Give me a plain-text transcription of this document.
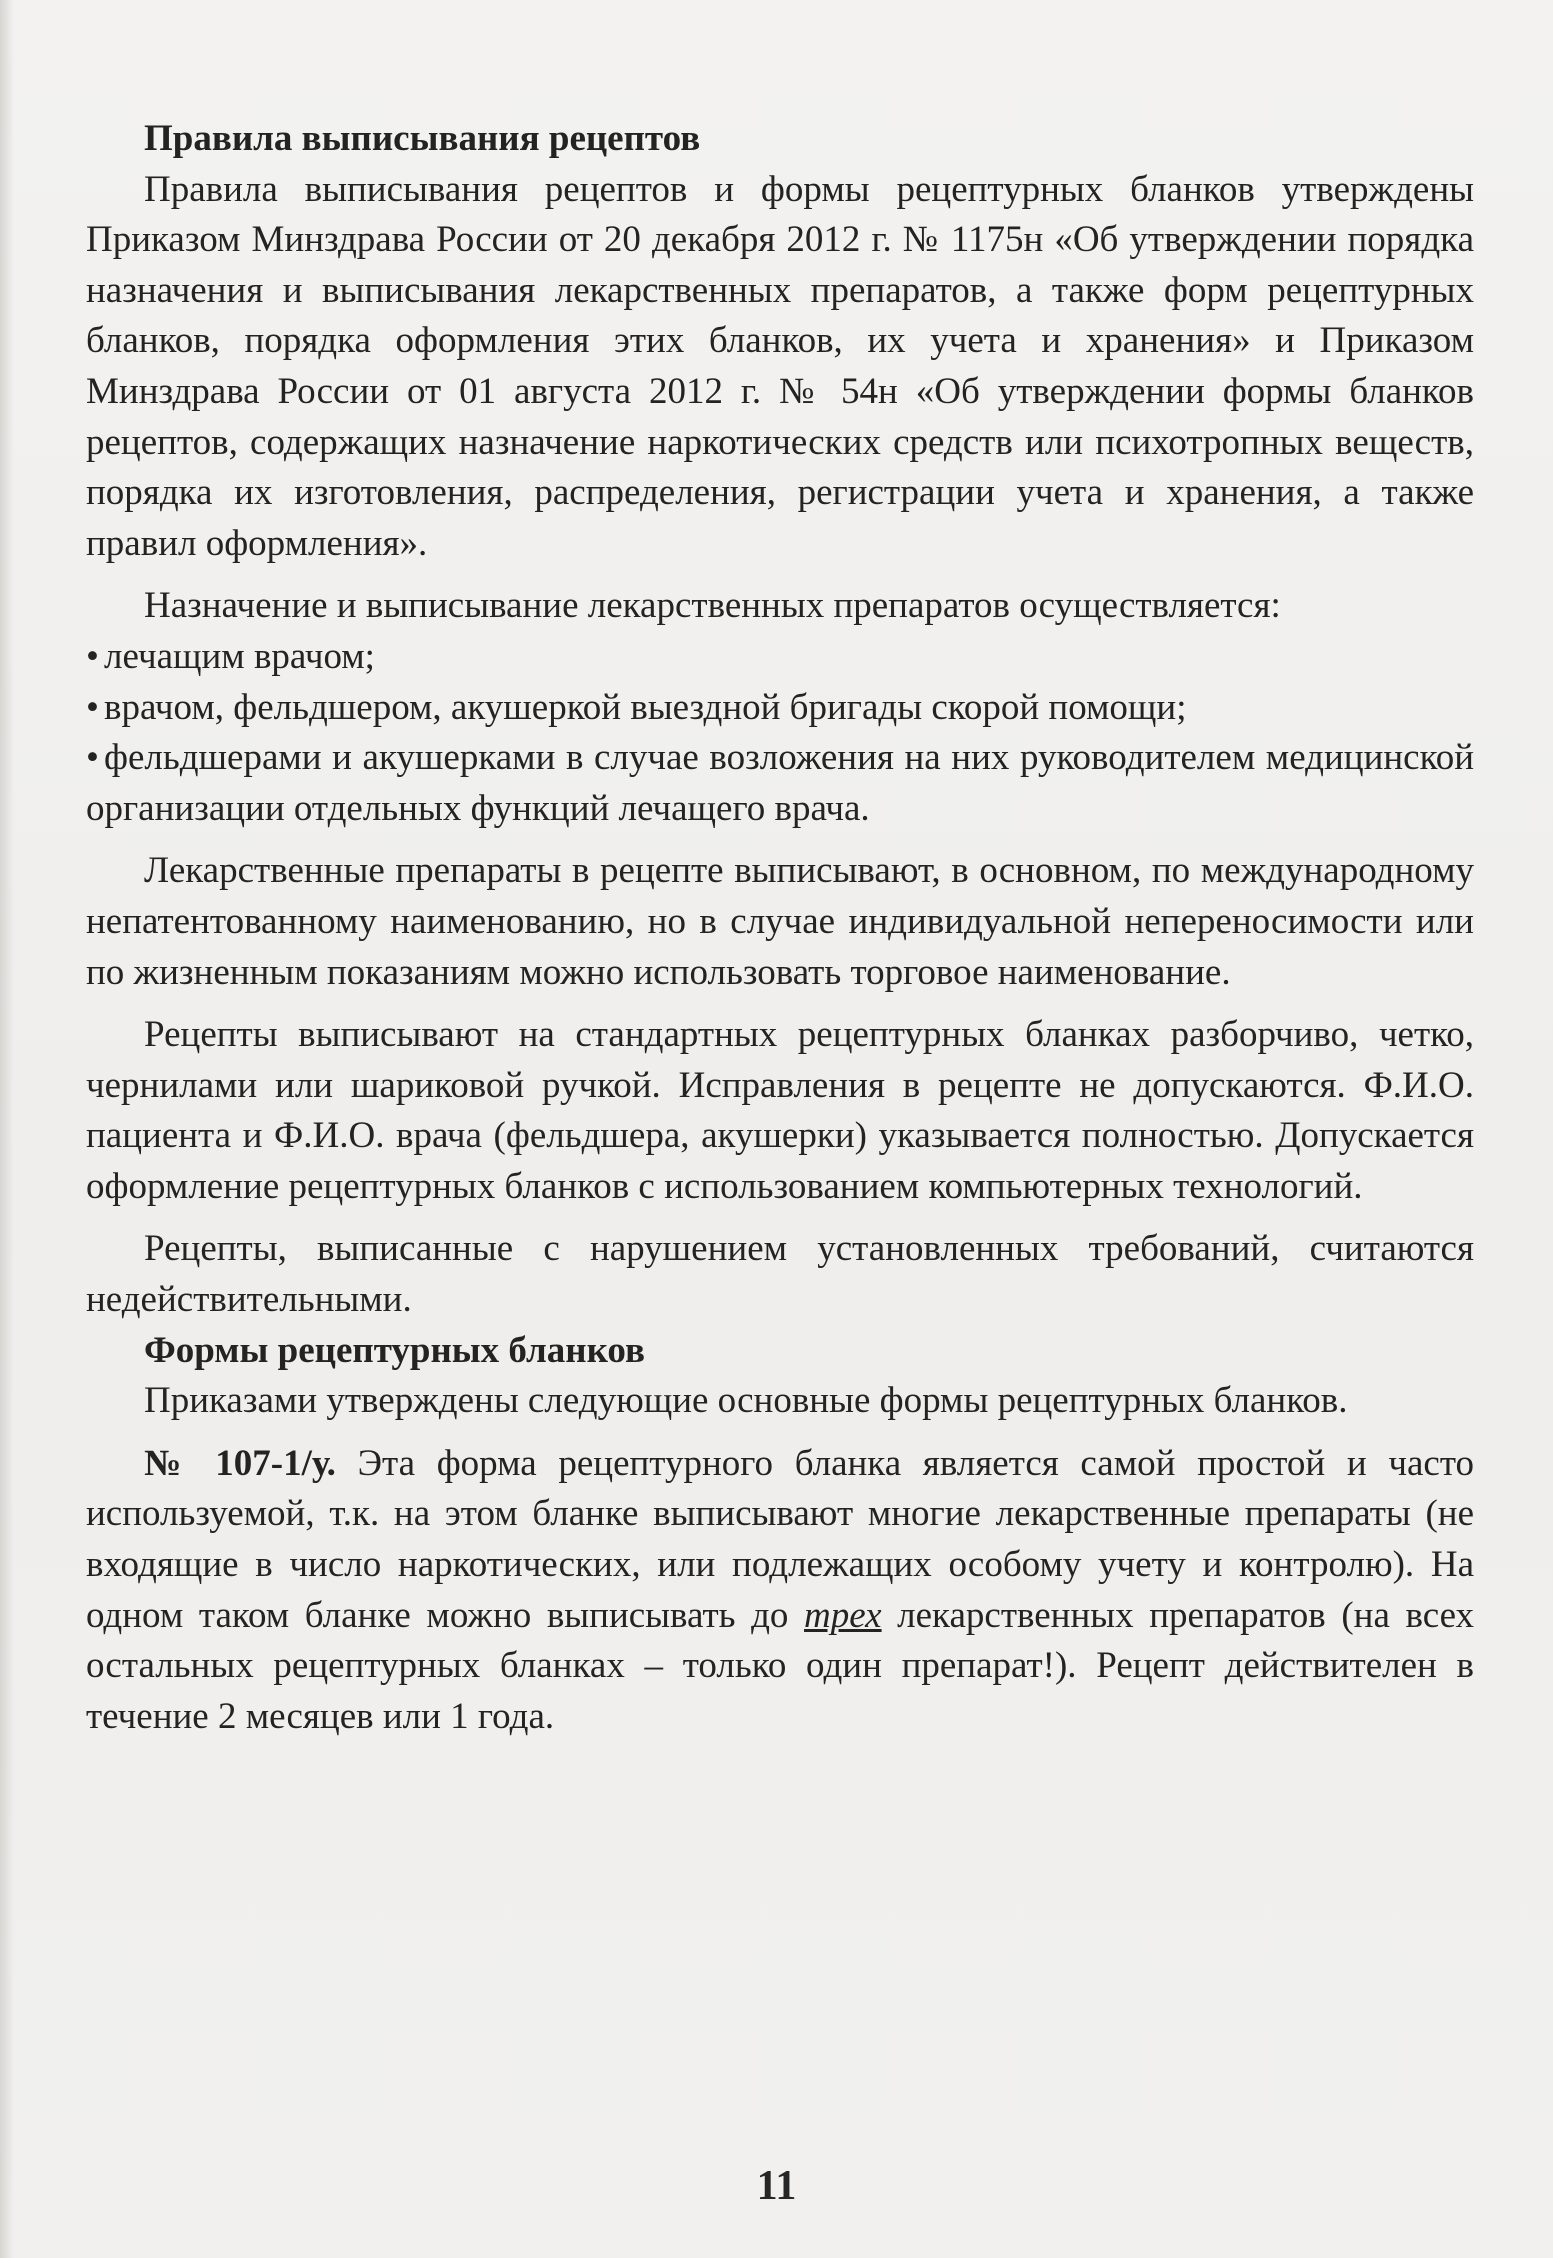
Правила выписывания рецептов

Правила выписывания рецептов и формы рецептурных бланков утверждены Приказом Минздрава России от 20 декабря 2012 г. № 1175н «Об утверждении порядка назначения и выписывания лекарственных препаратов, а также форм рецептурных бланков, порядка оформления этих бланков, их учета и хранения» и Приказом Минздрава России от 01 августа 2012 г. № 54н «Об утверждении формы бланков рецептов, содержащих назначение наркотических средств или психотропных веществ, порядка их изготовления, распределения, регистрации учета и хранения, а также правил оформления».

Назначение и выписывание лекарственных препаратов осуществляется:

• лечащим врачом;
• врачом, фельдшером, акушеркой выездной бригады скорой помощи;
• фельдшерами и акушерками в случае возложения на них руководителем медицинской организации отдельных функций лечащего врача.

Лекарственные препараты в рецепте выписывают, в основном, по международному непатентованному наименованию, но в случае индивидуальной непереносимости или по жизненным показаниям можно использовать торговое наименование.

Рецепты выписывают на стандартных рецептурных бланках разборчиво, четко, чернилами или шариковой ручкой. Исправления в рецепте не допускаются. Ф.И.О. пациента и Ф.И.О. врача (фельдшера, акушерки) указывается полностью. Допускается оформление рецептурных бланков с использованием компьютерных технологий.

Рецепты, выписанные с нарушением установленных требований, считаются недействительными.

Формы рецептурных бланков

Приказами утверждены следующие основные формы рецептурных бланков.

№ 107-1/у. Эта форма рецептурного бланка является самой простой и часто используемой, т.к. на этом бланке выписывают многие лекарственные препараты (не входящие в число наркотических, или подлежащих особому учету и контролю). На одном таком бланке можно выписывать до трех лекарственных препаратов (на всех остальных рецептурных бланках – только один препарат!). Рецепт действителен в течение 2 месяцев или 1 года.

11
